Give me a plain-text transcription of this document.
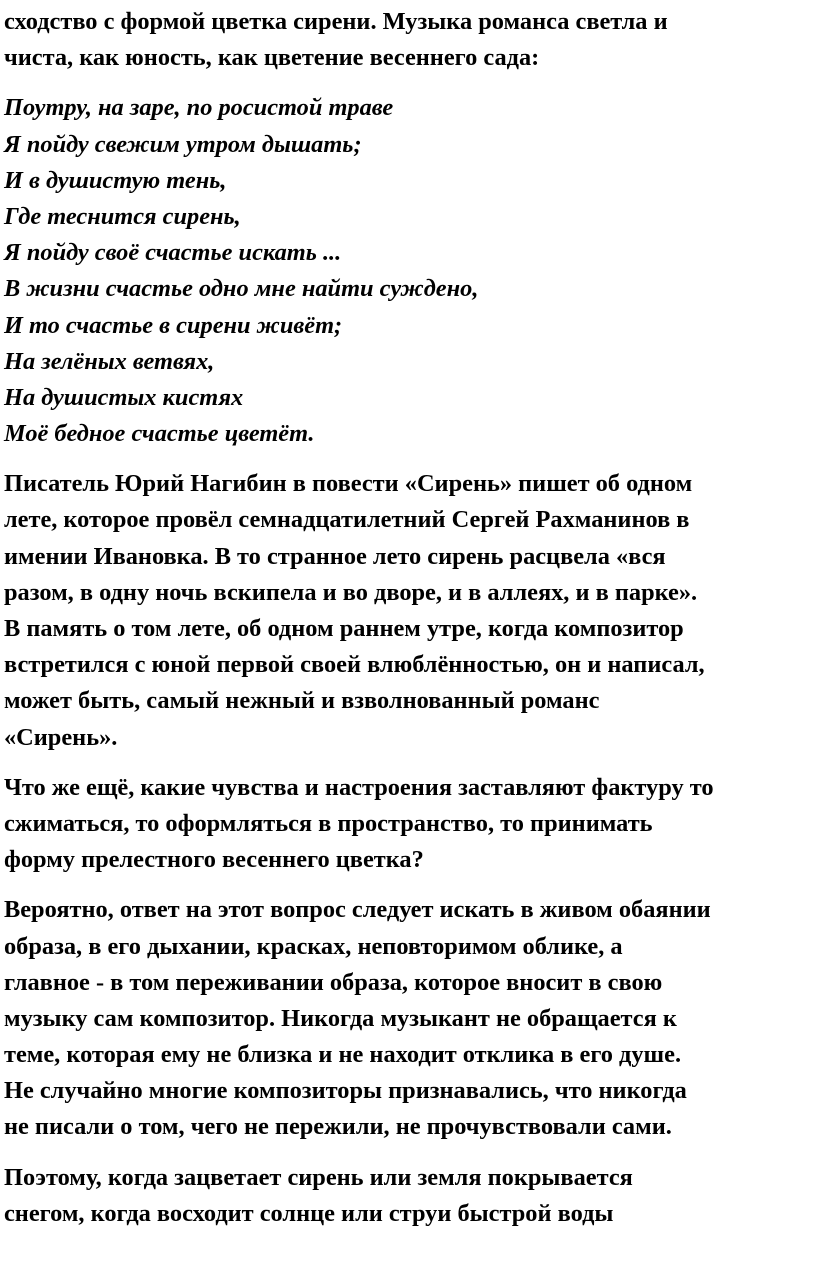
сходство с формой цветка сирени. Музыка романса светла и
чиста, как юность, как цветение весеннего сада:
Поутру, на заре, по росистой траве
Я пойду свежим утром дышать;
И в душистую тень,
Где теснится сирень,
Я пойду своё счастье искать ...
В жизни счастье одно мне найти суждено,
И то счастье в сирени живёт;
На зелёных ветвях,
На душистых кистях
Моё бедное счастье цветёт.
Писатель Юрий Нагибин в повести «Сирень» пишет об одном
лете, которое провёл семнадцатилетний Сергей Рахманинов в
имении Ивановка. В то странное лето сирень расцвела «вся
разом, в одну ночь вскипела и во дворе, и в аллеях, и в парке».
В память о том лете, об одном раннем утре, когда композитор
встретился с юной первой своей влюблённостью, он и написал,
может быть, самый нежный и взволнованный романс
«Сирень».
Что же ещё, какие чувства и настроения заставляют фактуру то
сжиматься, то оформляться в пространство, то принимать
форму прелестного весеннего цветка?
Вероятно, ответ на этот вопрос следует искать в живом обаянии
образа, в его дыхании, красках, неповторимом облике, а
главное - в том переживании образа, которое вносит в свою
музыку сам композитор. Никогда музыкант не обращается к
теме, которая ему не близка и не находит отклика в его душе.
Не случайно многие композиторы признавались, что никогда
не писали о том, чего не пережили, не прочувствовали сами.
Поэтому, когда зацветает сирень или земля покрывается
снегом, когда восходит солнце или струи быстрой воды
